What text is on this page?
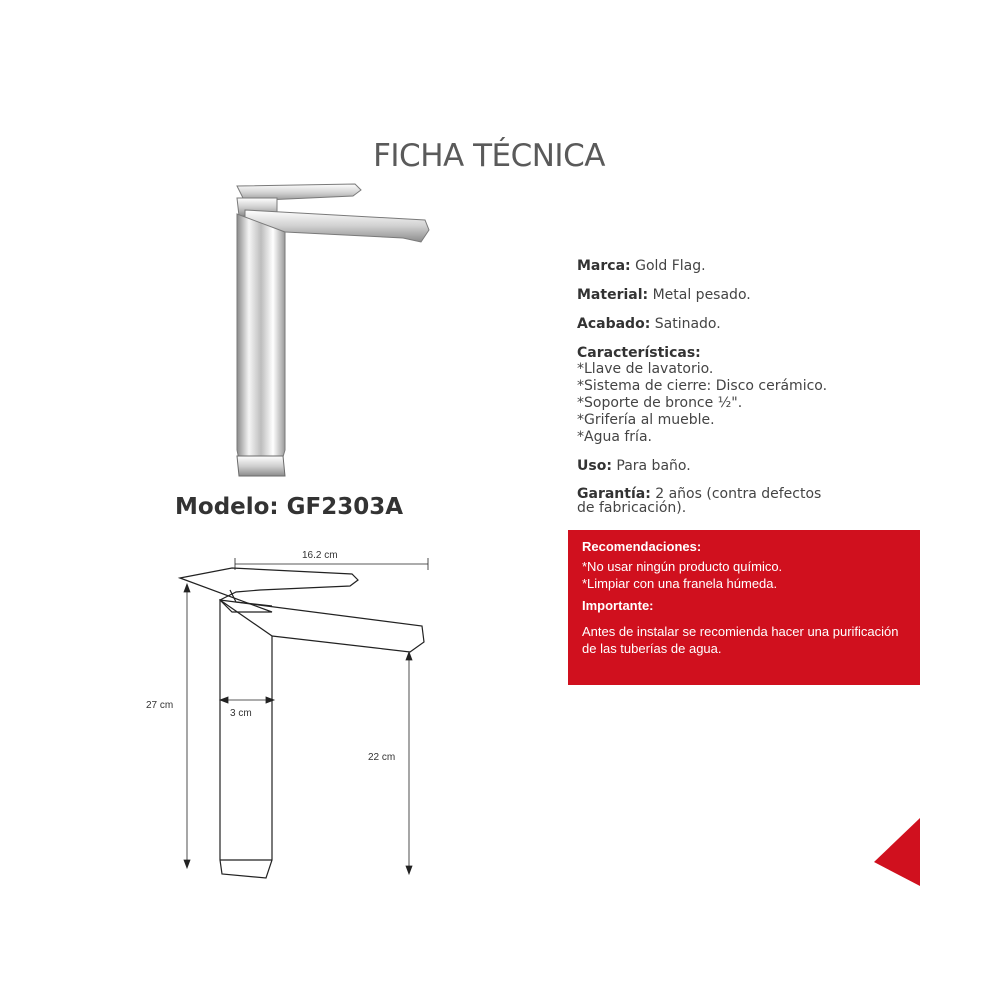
FICHA TÉCNICA
Modelo: GF2303A
16.2 cm
27 cm
3 cm
22 cm
Marca: Gold Flag.
Material: Metal pesado.
Acabado: Satinado.
Características:
*Llave de lavatorio.
*Sistema de cierre: Disco cerámico.
*Soporte de bronce ½".
*Grifería al mueble.
*Agua fría.
Uso: Para baño.
Garantía: 2 años (contra defectos
de fabricación).
Recomendaciones:
*No usar ningún producto químico.
*Limpiar con una franela húmeda.
Importante:
Antes de instalar se recomienda hacer una purificación de las tuberías de agua.
